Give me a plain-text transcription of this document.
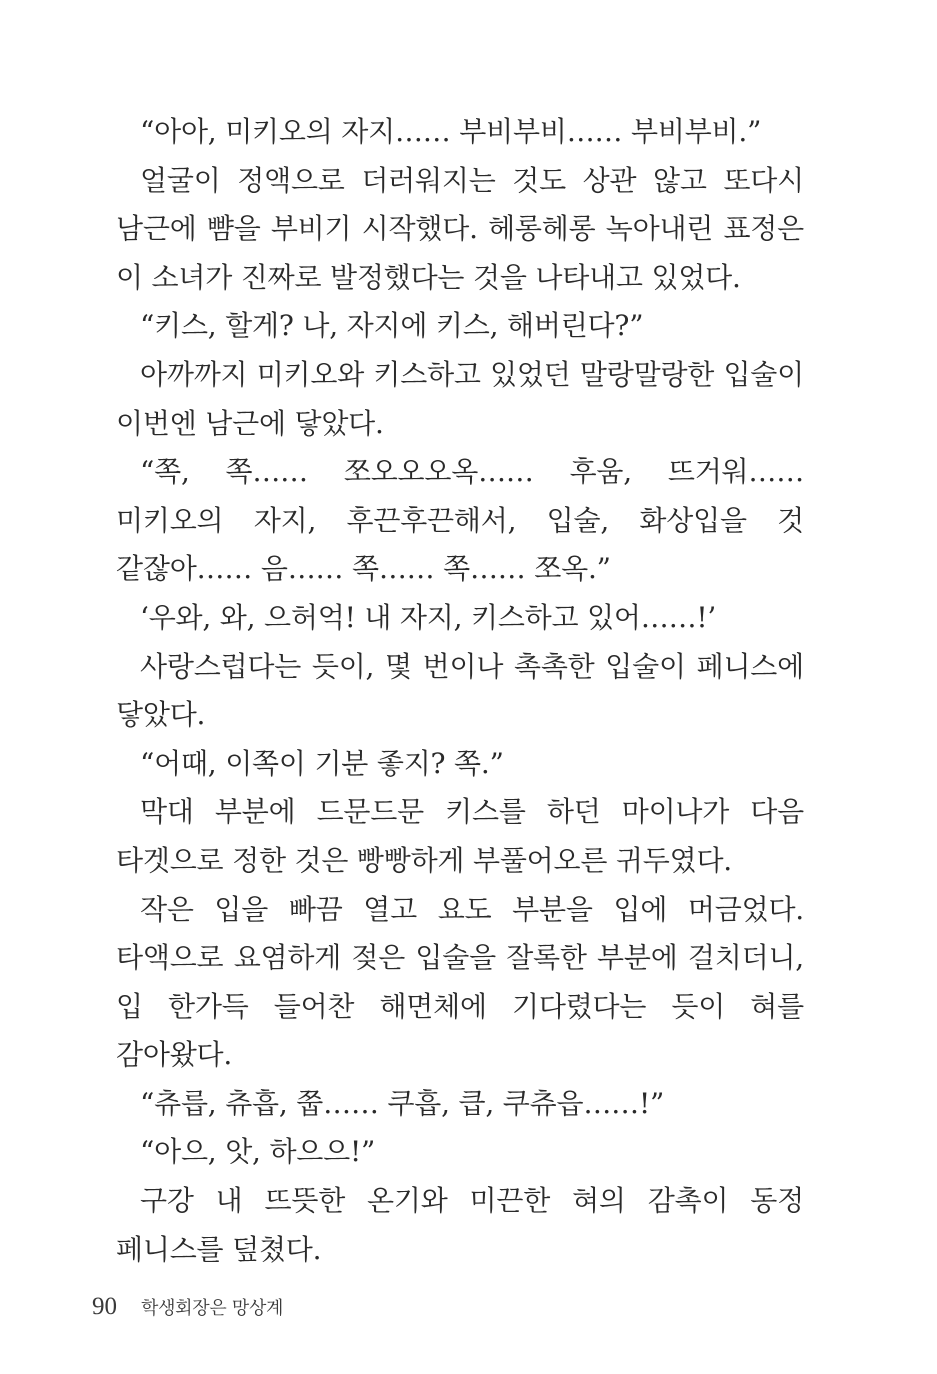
“아아, 미키오의 자지…… 부비부비…… 부비부비.”

얼굴이 정액으로 더러워지는 것도 상관 않고 또다시 남근에 뺨을 부비기 시작했다. 헤롱헤롱 녹아내린 표정은 이 소녀가 진짜로 발정했다는 것을 나타내고 있었다.

“키스, 할게? 나, 자지에 키스, 해버린다?”

아까까지 미키오와 키스하고 있었던 말랑말랑한 입술이 이번엔 남근에 닿았다.

“쪽, 쪽…… 쪼오오오옥…… 후움, 뜨거워…… 미키오의 자지, 후끈후끈해서, 입술, 화상입을 것 같잖아…… 음…… 쪽…… 쪽…… 쪼옥.”

‘우와, 와, 으허억! 내 자지, 키스하고 있어……!’

사랑스럽다는 듯이, 몇 번이나 촉촉한 입술이 페니스에 닿았다.

“어때, 이쪽이 기분 좋지? 쪽.”

막대 부분에 드문드문 키스를 하던 마이나가 다음 타겟으로 정한 것은 빵빵하게 부풀어오른 귀두였다.

작은 입을 빠끔 열고 요도 부분을 입에 머금었다. 타액으로 요염하게 젖은 입술을 잘록한 부분에 걸치더니, 입 한가득 들어찬 해면체에 기다렸다는 듯이 혀를 감아왔다.

“츄릅, 츄흡, 쭙…… 쿠흡, 큽, 쿠츄읍……!”

“아으, 앗, 하으으!”

구강 내 뜨뜻한 온기와 미끈한 혀의 감촉이 동정 페니스를 덮쳤다.

90 학생회장은 망상계
